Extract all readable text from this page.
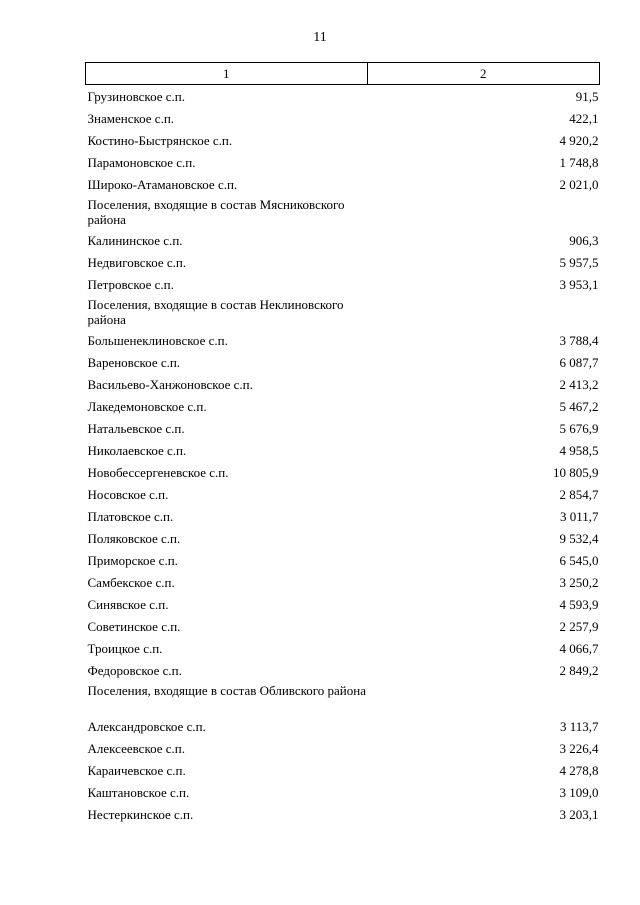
11
1	2
Грузиновское с.п.	91,5
Знаменское с.п.	422,1
Костино-Быстрянское с.п.	4 920,2
Парамоновское с.п.	1 748,8
Широко-Атамановское с.п.	2 021,0
Поселения, входящие в состав Мясниковского района	
Калининское с.п.	906,3
Недвиговское с.п.	5 957,5
Петровское с.п.	3 953,1
Поселения, входящие в состав Неклиновского района	
Большенеклиновское с.п.	3 788,4
Вареновское с.п.	6 087,7
Васильево-Ханжоновское с.п.	2 413,2
Лакедемоновское с.п.	5 467,2
Натальевское с.п.	5 676,9
Николаевское с.п.	4 958,5
Новобессергеневское с.п.	10 805,9
Носовское с.п.	2 854,7
Платовское с.п.	3 011,7
Поляковское с.п.	9 532,4
Приморское с.п.	6 545,0
Самбекское с.п.	3 250,2
Синявское с.п.	4 593,9
Советинское с.п.	2 257,9
Троицкое с.п.	4 066,7
Федоровское с.п.	2 849,2
Поселения, входящие в состав Обливского района	
Александровское с.п.	3 113,7
Алексеевское с.п.	3 226,4
Караичевское с.п.	4 278,8
Каштановское с.п.	3 109,0
Нестеркинское с.п.	3 203,1
